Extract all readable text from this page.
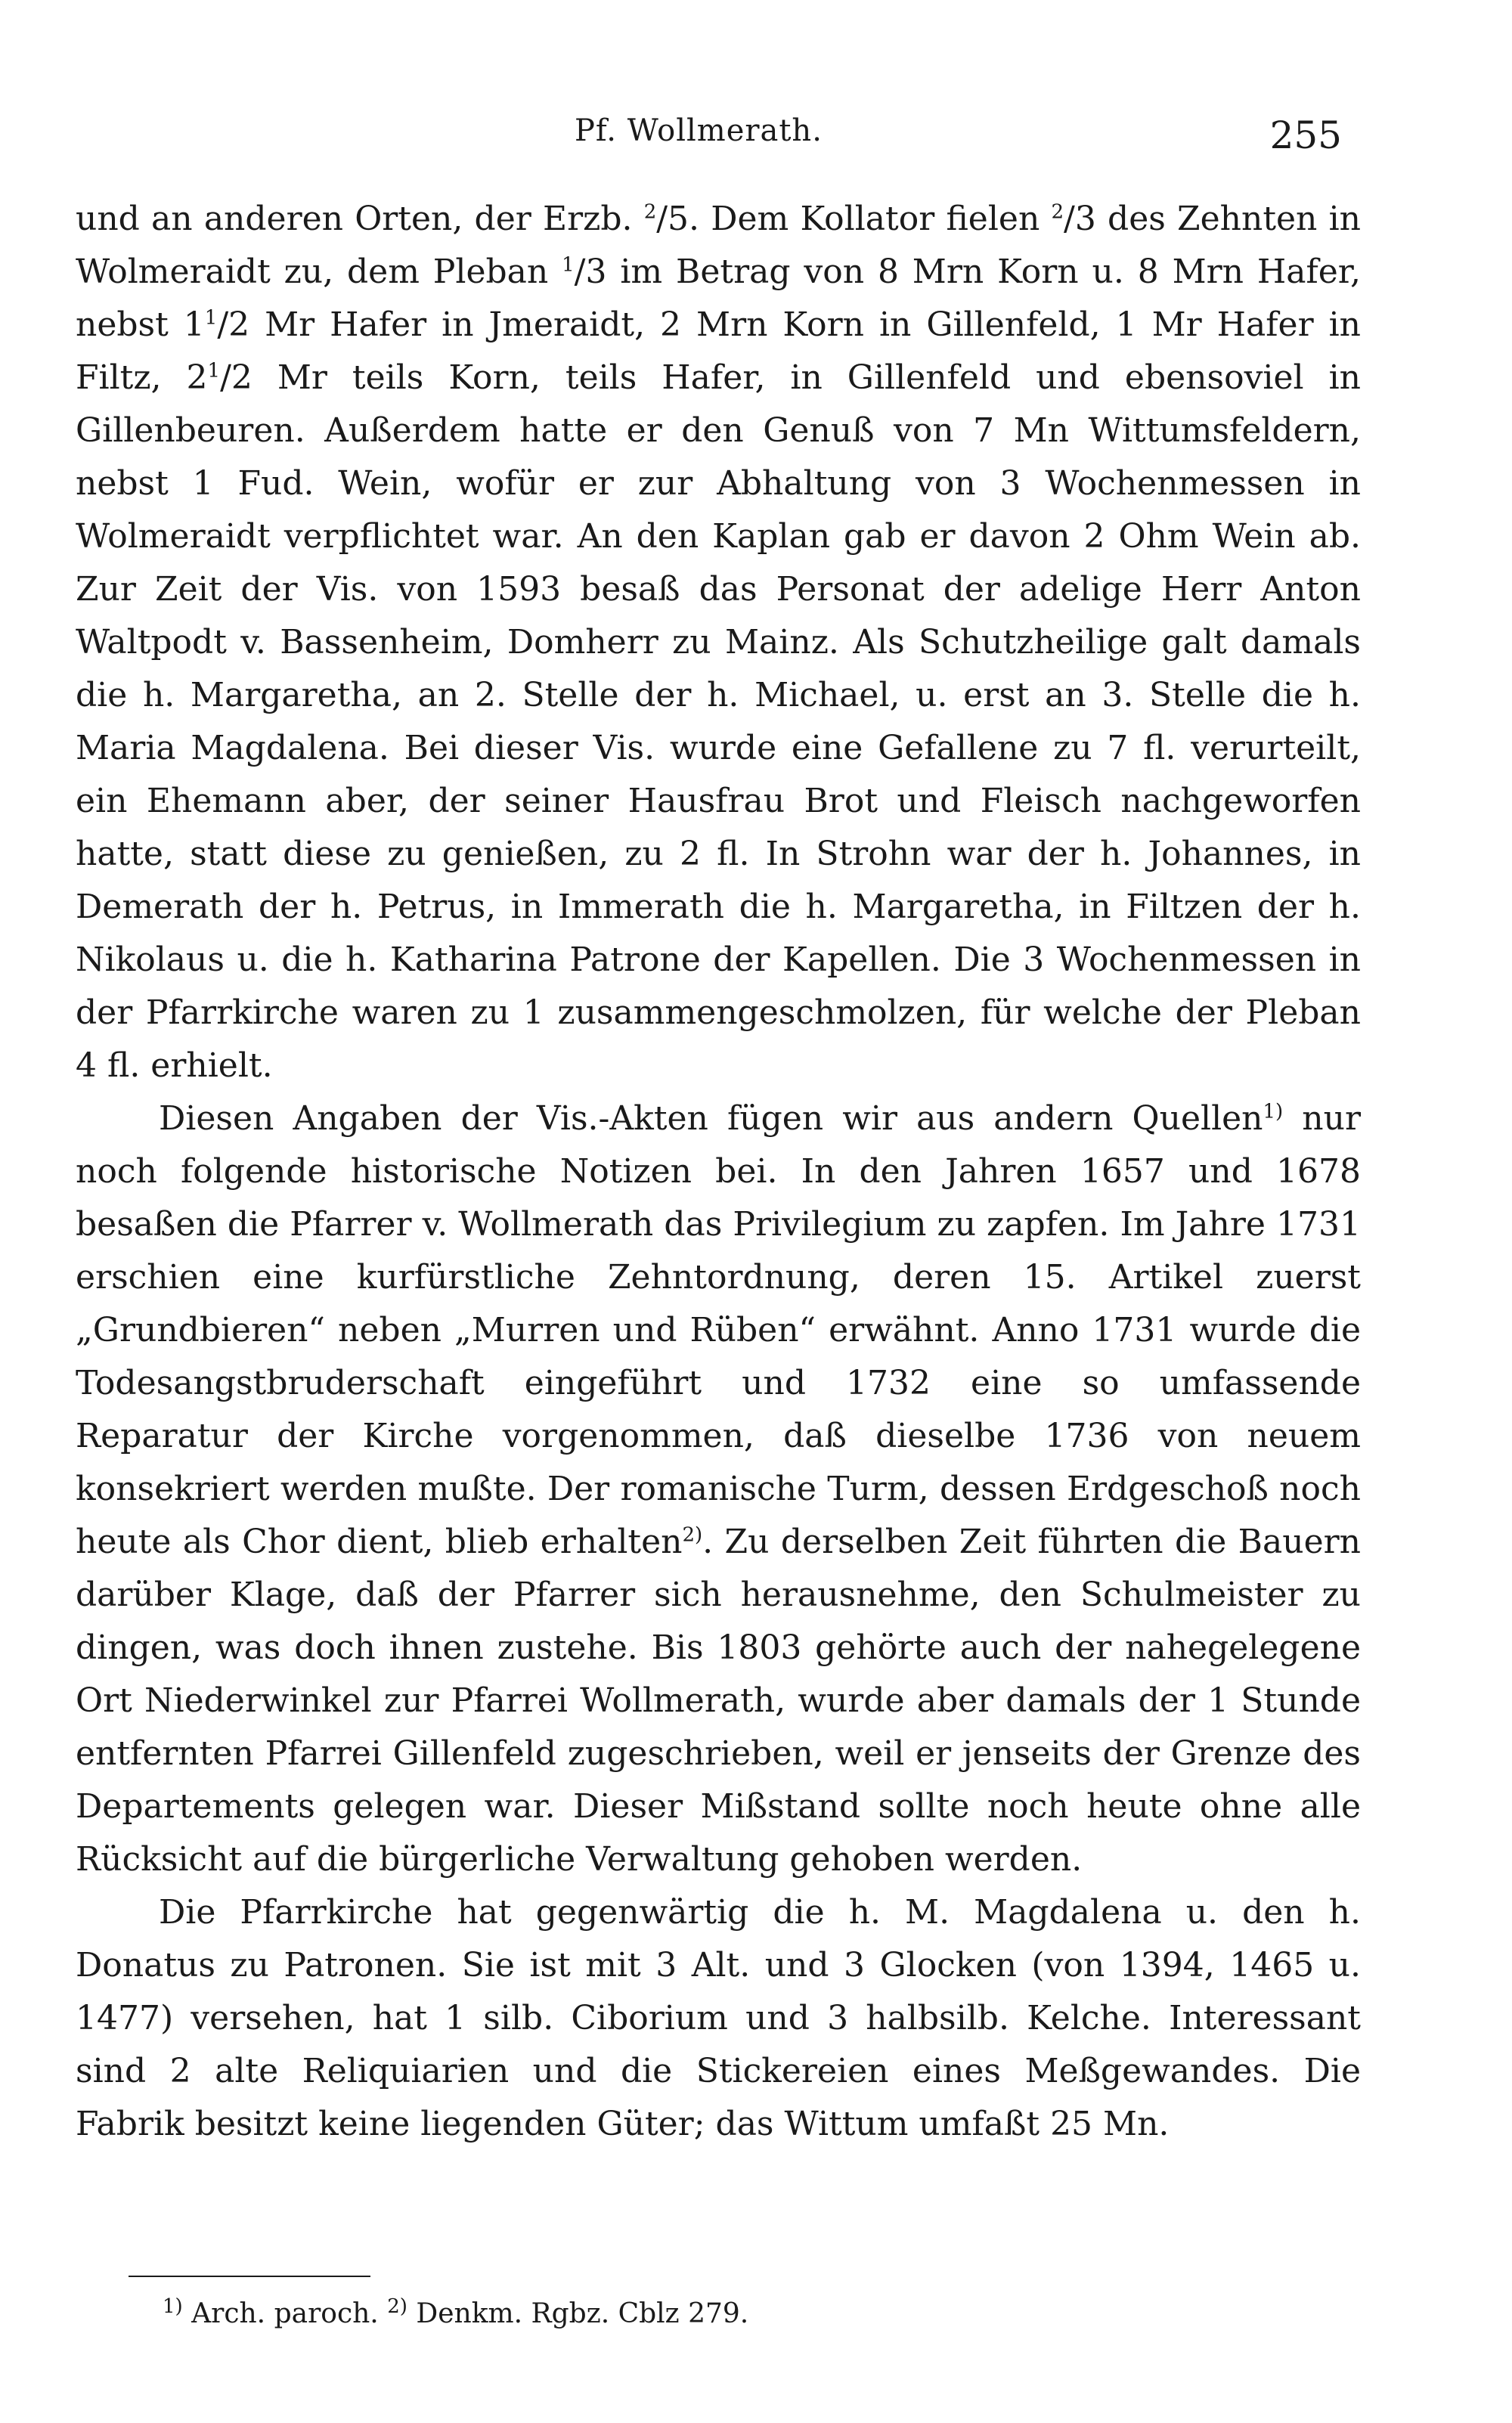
Pf. Wollmerath.	255

und an anderen Orten, der Erzb. $^2$/5. Dem Kollator fielen $^2$/3 des Zehnten in Wolmeraidt zu, dem Pleban $^1$/3 im Betrag von 8 Mrn Korn u. 8 Mrn Hafer, nebst $1^1/2$ Mr Hafer in Jmeraidt, 2 Mrn Korn in Gillenfeld, 1 Mr Hafer in Filtz, $2^1/2$ Mr teils Korn, teils Hafer, in Gillenfeld und ebensoviel in Gillenbeuren. Außerdem hatte er den Genuß von 7 Mn Wittumsfeldern, nebst 1 Fud. Wein, wofür er zur Abhaltung von 3 Wochenmessen in Wolmeraidt verpflichtet war. An den Kaplan gab er davon 2 Ohm Wein ab. Zur Zeit der Vis. von 1593 besaß das Personat der adelige Herr Anton Waltpodt v. Bassenheim, Domherr zu Mainz. Als Schutzheilige galt damals die h. Margaretha, an 2. Stelle der h. Michael, u. erst an 3. Stelle die h. Maria Magdalena. Bei dieser Vis. wurde eine Gefallene zu 7 fl. verurteilt, ein Ehemann aber, der seiner Hausfrau Brot und Fleisch nachgeworfen hatte, statt diese zu genießen, zu 2 fl. In Strohn war der h. Johannes, in Demerath der h. Petrus, in Immerath die h. Margaretha, in Filtzen der h. Nikolaus u. die h. Katharina Patrone der Kapellen. Die 3 Wochenmessen in der Pfarrkirche waren zu 1 zusammengeschmolzen, für welche der Pleban 4 fl. erhielt.

Diesen Angaben der Vis.-Akten fügen wir aus andern Quellen$^{1)}$ nur noch folgende historische Notizen bei. In den Jahren 1657 und 1678 besaßen die Pfarrer v. Wollmerath das Privilegium zu zapfen. Im Jahre 1731 erschien eine kurfürstliche Zehntordnung, deren 15. Artikel zuerst „Grundbieren“ neben „Murren und Rüben“ erwähnt. Anno 1731 wurde die Todesangstbruderschaft eingeführt und 1732 eine so umfassende Reparatur der Kirche vorgenommen, daß dieselbe 1736 von neuem konsekriert werden mußte. Der romanische Turm, dessen Erdgeschoß noch heute als Chor dient, blieb erhalten$^{2)}$. Zu derselben Zeit führten die Bauern darüber Klage, daß der Pfarrer sich herausnehme, den Schulmeister zu dingen, was doch ihnen zustehe. Bis 1803 gehörte auch der nahegelegene Ort Niederwinkel zur Pfarrei Wollmerath, wurde aber damals der 1 Stunde entfernten Pfarrei Gillenfeld zugeschrieben, weil er jenseits der Grenze des Departements gelegen war. Dieser Mißstand sollte noch heute ohne alle Rücksicht auf die bürgerliche Verwaltung gehoben werden.

Die Pfarrkirche hat gegenwärtig die h. M. Magdalena u. den h. Donatus zu Patronen. Sie ist mit 3 Alt. und 3 Glocken (von 1394, 1465 u. 1477) versehen, hat 1 silb. Ciborium und 3 halbsilb. Kelche. Interessant sind 2 alte Reliquiarien und die Stickereien eines Meßgewandes. Die Fabrik besitzt keine liegenden Güter; das Wittum umfaßt 25 Mn.

$^{1)}$ Arch. paroch. $^{2)}$ Denkm. Rgbz. Cblz 279.
